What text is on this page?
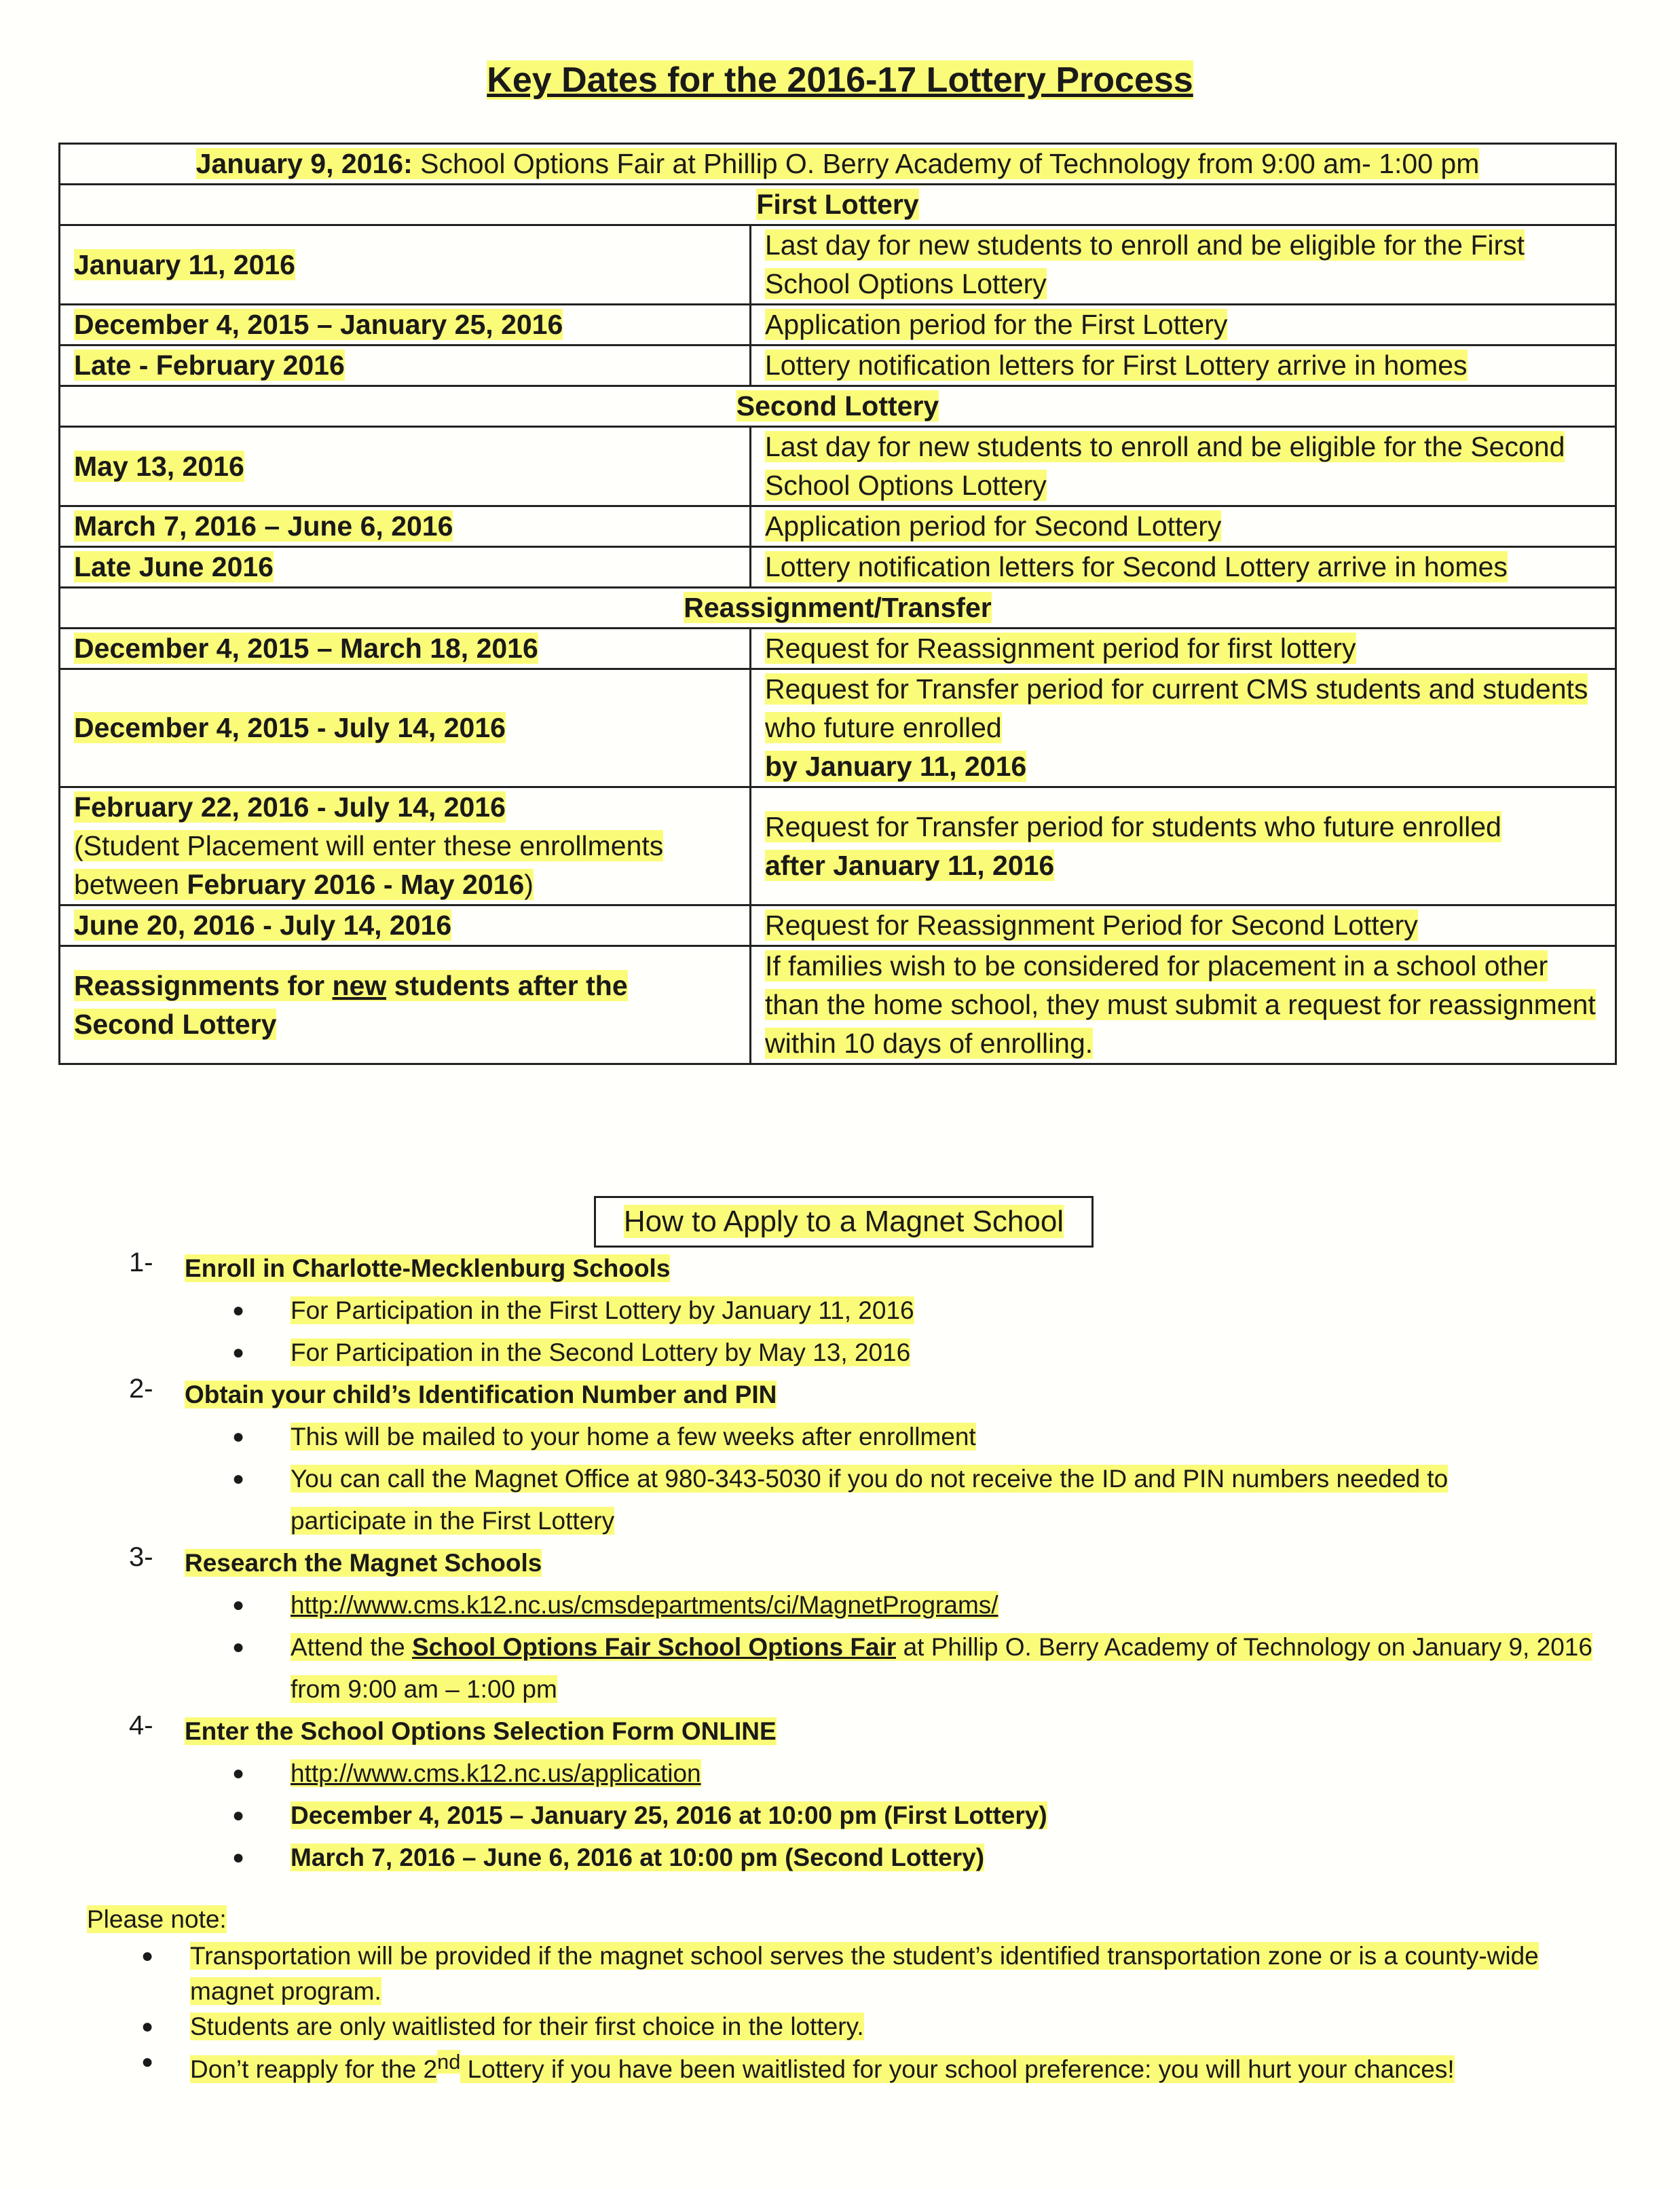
Key Dates for the 2016-17 Lottery Process
January 9, 2016: School Options Fair at Phillip O. Berry Academy of Technology from 9:00 am- 1:00 pm	
First Lottery	
January 11, 2016	Last day for new students to enroll and be eligible for the First School Options Lottery
December 4, 2015 – January 25, 2016	Application period for the First Lottery
Late - February 2016	Lottery notification letters for First Lottery arrive in homes
Second Lottery	
May 13, 2016	Last day for new students to enroll and be eligible for the Second School Options Lottery
March 7, 2016 – June 6, 2016	Application period for Second Lottery
Late June 2016	Lottery notification letters for Second Lottery arrive in homes
Reassignment/Transfer	
December 4, 2015 – March 18, 2016	Request for Reassignment period for first lottery
December 4, 2015 - July 14, 2016	Request for Transfer period for current CMS students and students who future enrolled
by January 11, 2016
February 22, 2016 - July 14, 2016
(Student Placement will enter these enrollments between February 2016 - May 2016)	Request for Transfer period for students who future enrolled
after January 11, 2016
June 20, 2016 - July 14, 2016	Request for Reassignment Period for Second Lottery
Reassignments for new students after the Second Lottery	If families wish to be considered for placement in a school other than the home school, they must submit a request for reassignment within 10 days of enrolling.
How to Apply to a Magnet School
1- Enroll in Charlotte-Mecklenburg Schools
● For Participation in the First Lottery by January 11, 2016
● For Participation in the Second Lottery by May 13, 2016
2- Obtain your child’s Identification Number and PIN
● This will be mailed to your home a few weeks after enrollment
● You can call the Magnet Office at 980-343-5030 if you do not receive the ID and PIN numbers needed to participate in the First Lottery
3- Research the Magnet Schools
● http://www.cms.k12.nc.us/cmsdepartments/ci/MagnetPrograms/
● Attend the School Options Fair School Options Fair at Phillip O. Berry Academy of Technology on January 9, 2016 from 9:00 am – 1:00 pm
4- Enter the School Options Selection Form ONLINE
● http://www.cms.k12.nc.us/application
● December 4, 2015 – January 25, 2016 at 10:00 pm (First Lottery)
● March 7, 2016 – June 6, 2016 at 10:00 pm (Second Lottery)
Please note:
● Transportation will be provided if the magnet school serves the student’s identified transportation zone or is a county-wide magnet program.
● Students are only waitlisted for their first choice in the lottery.
● Don’t reapply for the 2nd Lottery if you have been waitlisted for your school preference: you will hurt your chances!
